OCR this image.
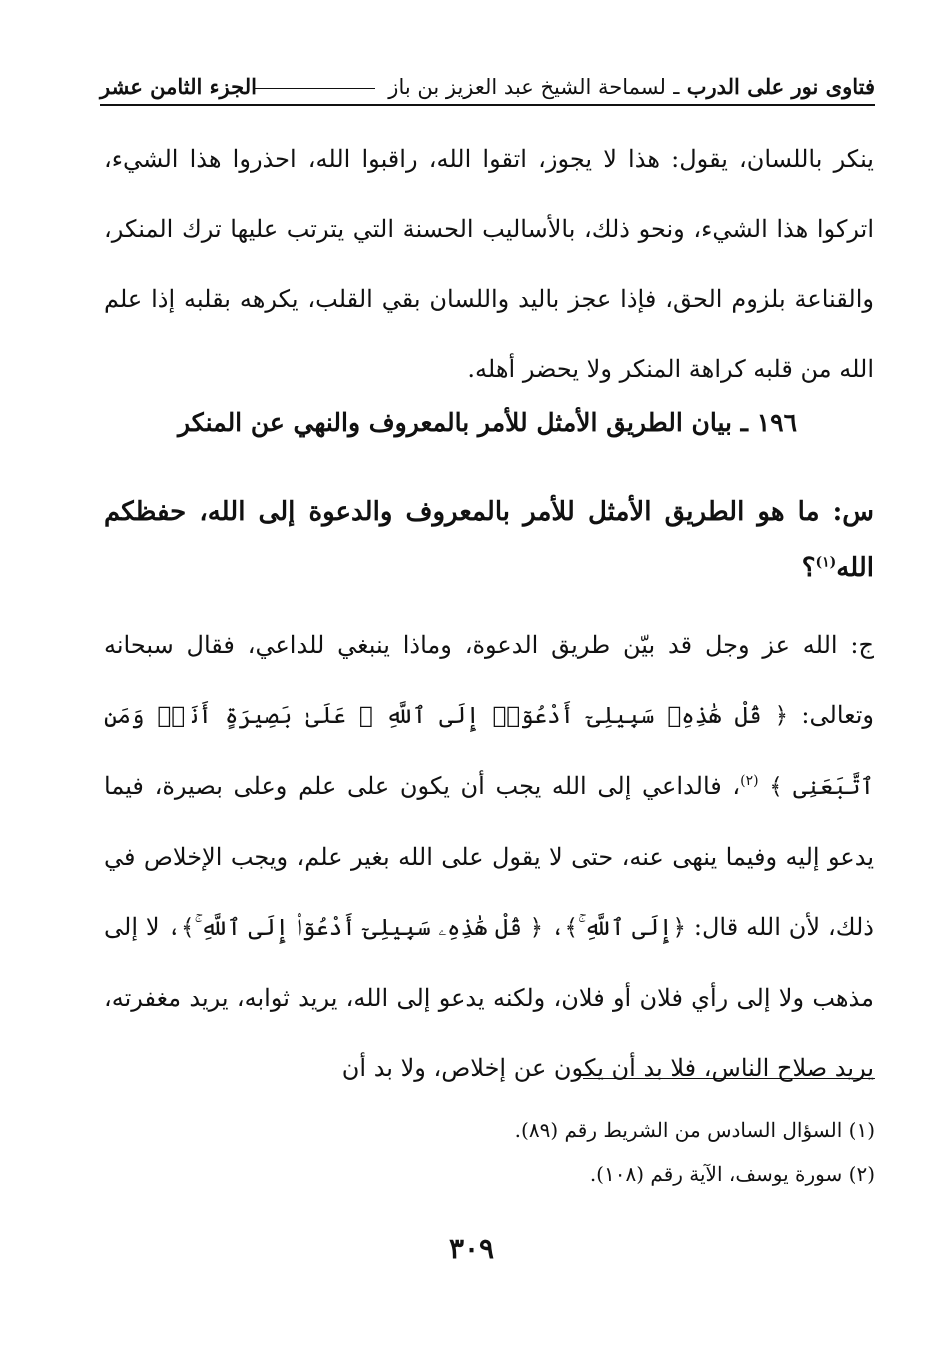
فتاوى نور على الدرب ـ لسماحة الشيخ عبد العزيز بن باز
الجزء الثامن عشر
ينكر باللسان، يقول: هذا لا يجوز، اتقوا الله، راقبوا الله، احذروا هذا الشيء، اتركوا هذا الشيء، ونحو ذلك، بالأساليب الحسنة التي يترتب عليها ترك المنكر، والقناعة بلزوم الحق، فإذا عجز باليد واللسان بقي القلب، يكرهه بقلبه إذا علم الله من قلبه كراهة المنكر ولا يحضر أهله.
١٩٦ ـ بيان الطريق الأمثل للأمر بالمعروف والنهي عن المنكر
س: ما هو الطريق الأمثل للأمر بالمعروف والدعوة إلى الله، حفظكم الله$^{(١)}$؟
ج: الله عز وجل قد بيّن طريق الدعوة، وماذا ينبغي للداعي، فقال سبحانه وتعالى: ﴿ قُلْ هَٰذِهِۦ سَبِيلِىٓ أَدْعُوٓا۟ إِلَى ٱللَّهِ ۚ عَلَىٰ بَصِيرَةٍ أَنَا۠ وَمَنِ ٱتَّبَعَنِى ﴾ $^{(٢)}$، فالداعي إلى الله يجب أن يكون على علم وعلى بصيرة، فيما يدعو إليه وفيما ينهى عنه، حتى لا يقول على الله بغير علم، ويجب الإخلاص في ذلك، لأن الله قال: ﴿إِلَى ٱللَّهِ ۚ﴾، ﴿ قُلْ هَٰذِهِۦ سَبِيلِىٓ أَدْعُوٓا۟ إِلَى ٱللَّهِ ۚ﴾، لا إلى مذهب ولا إلى رأي فلان أو فلان، ولكنه يدعو إلى الله، يريد ثوابه، يريد مغفرته، يريد صلاح الناس، فلا بد أن يكون عن إخلاص، ولا بد أن
(١) السؤال السادس من الشريط رقم (٨٩).
(٢) سورة يوسف، الآية رقم (١٠٨).
٣٠٩
